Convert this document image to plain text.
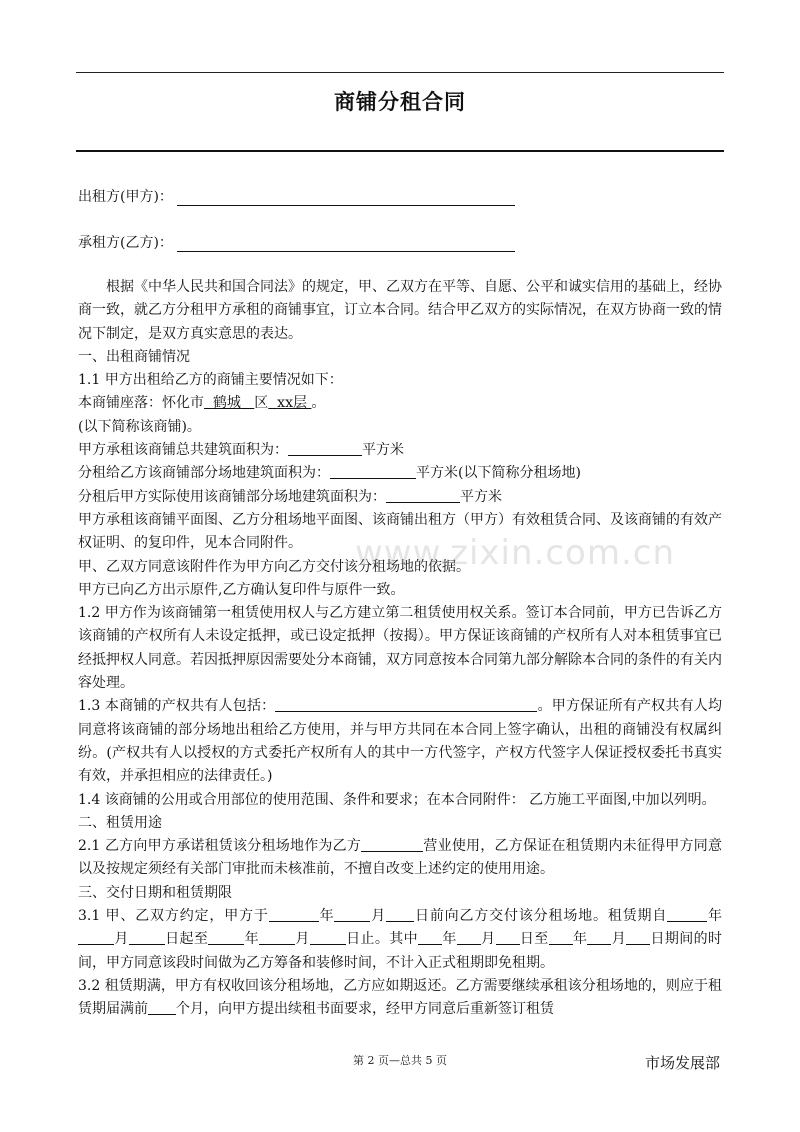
商铺分租合同
出租方(甲方)：
承租方(乙方)：

根据《中华人民共和国合同法》的规定，甲、乙双方在平等、自愿、公平和诚实信用的基础上，经协商一致，就乙方分租甲方承租的商铺事宜，订立本合同。结合甲乙双方的实际情况，在双方协商一致的情况下制定，是双方真实意思的表达。

一、出租商铺情况

1.1 甲方出租给乙方的商铺主要情况如下：

本商铺座落：怀化市 鹤城 区 xx层 。

(以下简称该商铺)。

甲方承租该商铺总共建筑面积为：	平方米

分租给乙方该商铺部分场地建筑面积为：	平方米(以下简称分租场地)

分租后甲方实际使用该商铺部分场地建筑面积为：	平方米

甲方承租该商铺平面图、乙方分租场地平面图、该商铺出租方（甲方）有效租赁合同、及该商铺的有效产权证明、的复印件，见本合同附件。

甲、乙双方同意该附件作为甲方向乙方交付该分租场地的依据。

甲方已向乙方出示原件,乙方确认复印件与原件一致。

1.2 甲方作为该商铺第一租赁使用权人与乙方建立第二租赁使用权关系。签订本合同前，甲方已告诉乙方该商铺的产权所有人未设定抵押，或已设定抵押（按揭）。甲方保证该商铺的产权所有人对本租赁事宜已经抵押权人同意。若因抵押原因需要处分本商铺，双方同意按本合同第九部分解除本合同的条件的有关内容处理。

1.3 本商铺的产权共有人包括：	。甲方保证所有产权共有人均同意将该商铺的部分场地出租给乙方使用，并与甲方共同在本合同上签字确认，出租的商铺没有权属纠纷。(产权共有人以授权的方式委托产权所有人的其中一方代签字，产权方代签字人保证授权委托书真实有效，并承担相应的法律责任。)

1.4 该商铺的公用或合用部位的使用范围、条件和要求；在本合同附件： 乙方施工平面图,中加以列明。

二、租赁用途

2.1 乙方向甲方承诺租赁该分租场地作为乙方	营业使用，乙方保证在租赁期内未征得甲方同意以及按规定须经有关部门审批而未核准前，不擅自改变上述约定的使用用途。

三、交付日期和租赁期限

3.1 甲、乙双方约定，甲方于	年	月 日前向乙方交付该分租场地。租赁期自	年月	日起至	年	月	日止。其中 年 月 日至 年 月 日期间的时间，甲方同意该段时间做为乙方筹备和装修时间，不计入正式租期即免租期。

3.2 租赁期满，甲方有权收回该分租场地，乙方应如期返还。乙方需要继续承租该分租场地的，则应于租赁期届满前 个月，向甲方提出续租书面要求，经甲方同意后重新签订租赁

www.zixin.com.cn
第 2 页—总共 5 页	市场发展部
